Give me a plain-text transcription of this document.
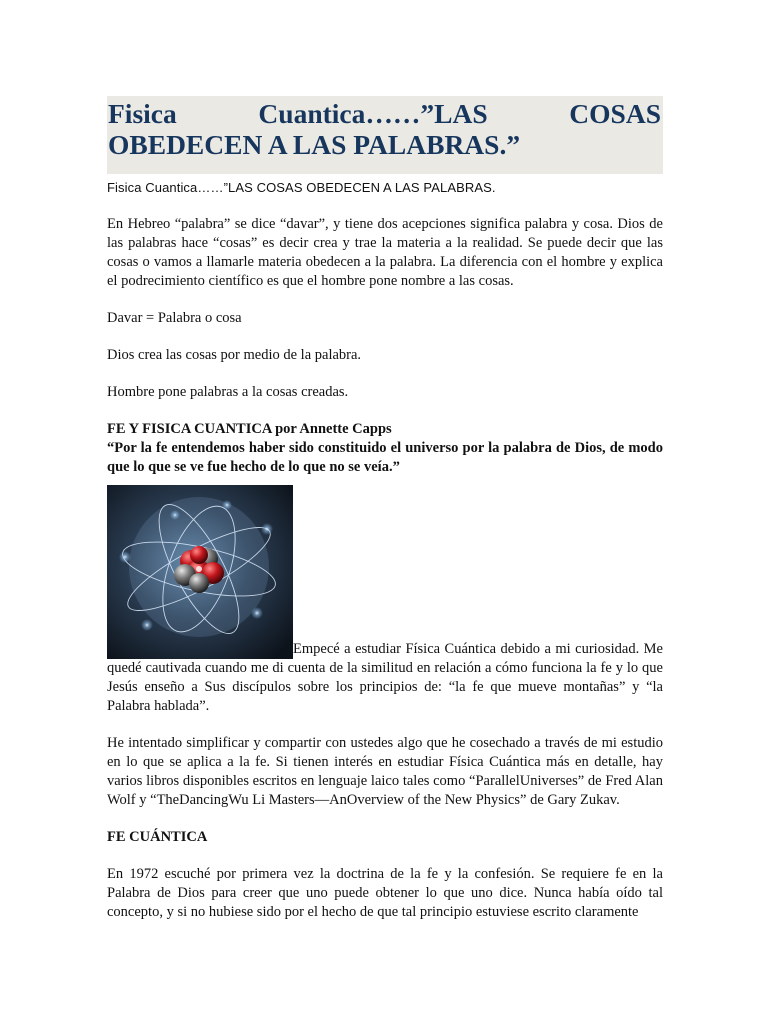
Fisica Cuantica……”LAS COSAS OBEDECEN A LAS PALABRAS.”

Fisica Cuantica……”LAS COSAS OBEDECEN A LAS PALABRAS.

En Hebreo “palabra” se dice “davar”, y tiene dos acepciones significa palabra y cosa. Dios de las palabras hace “cosas” es decir crea y trae la materia a la realidad. Se puede decir que las cosas o vamos a llamarle materia obedecen a la palabra. La diferencia con el hombre y explica el podrecimiento científico es que el hombre pone nombre a las cosas.

Davar = Palabra o cosa

Dios crea las cosas por medio de la palabra.

Hombre pone palabras a la cosas creadas.

FE Y FISICA CUANTICA por Annette Capps

“Por la fe entendemos haber sido constituido el universo por la palabra de Dios, de modo que lo que se ve fue hecho de lo que no se veía.”

Empecé a estudiar Física Cuántica debido a mi curiosidad. Me quedé cautivada cuando me di cuenta de la similitud en relación a cómo funciona la fe y lo que Jesús enseño a Sus discípulos sobre los principios de: “la fe que mueve montañas” y “la Palabra hablada”.

He intentado simplificar y compartir con ustedes algo que he cosechado a través de mi estudio en lo que se aplica a la fe. Si tienen interés en estudiar Física Cuántica más en detalle, hay varios libros disponibles escritos en lenguaje laico tales como “ParallelUniverses” de Fred Alan Wolf y “TheDancingWu Li Masters—AnOverview of the New Physics” de Gary Zukav.

FE CUÁNTICA

En 1972 escuché por primera vez la doctrina de la fe y la confesión. Se requiere fe en la Palabra de Dios para creer que uno puede obtener lo que uno dice. Nunca había oído tal concepto, y si no hubiese sido por el hecho de que tal principio estuviese escrito claramente
